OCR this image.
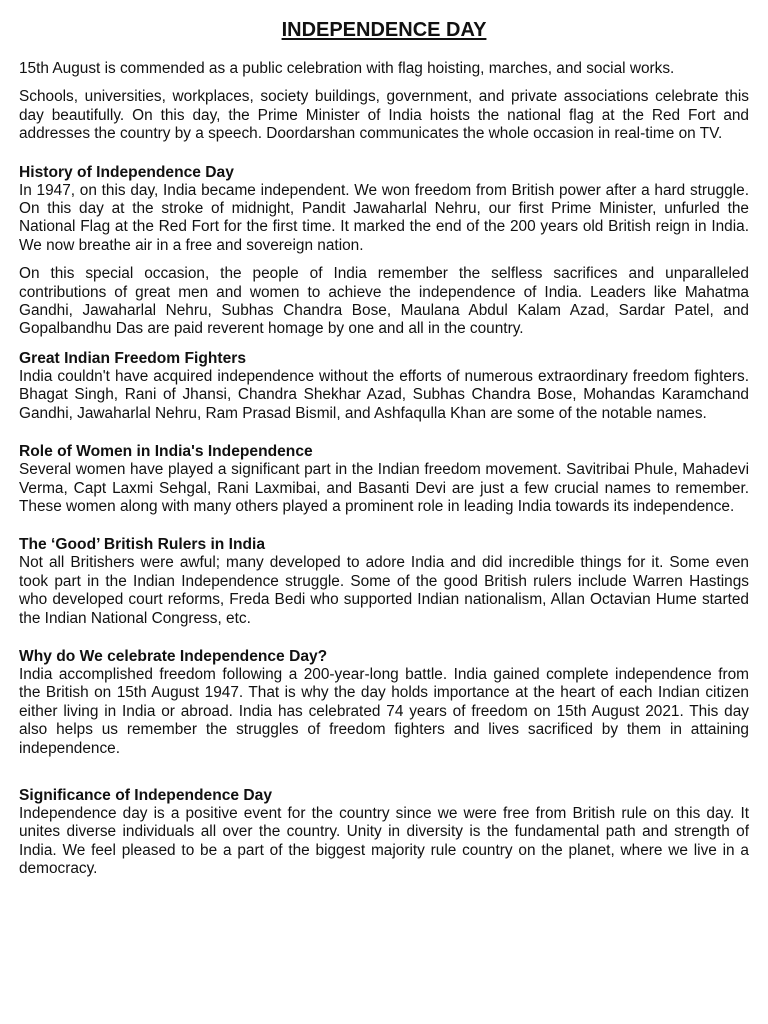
INDEPENDENCE DAY

15th August is commended as a public celebration with flag hoisting, marches, and social works.

Schools, universities, workplaces, society buildings, government, and private associations celebrate this day beautifully. On this day, the Prime Minister of India hoists the national flag at the Red Fort and addresses the country by a speech. Doordarshan communicates the whole occasion in real-time on TV.

History of Independence Day

In 1947, on this day, India became independent. We won freedom from British power after a hard struggle. On this day at the stroke of midnight, Pandit Jawaharlal Nehru, our first Prime Minister, unfurled the National Flag at the Red Fort for the first time. It marked the end of the 200 years old British reign in India. We now breathe air in a free and sovereign nation.

On this special occasion, the people of India remember the selfless sacrifices and unparalleled contributions of great men and women to achieve the independence of India. Leaders like Mahatma Gandhi, Jawaharlal Nehru, Subhas Chandra Bose, Maulana Abdul Kalam Azad, Sardar Patel, and Gopalbandhu Das are paid reverent homage by one and all in the country.

Great Indian Freedom Fighters

India couldn't have acquired independence without the efforts of numerous extraordinary freedom fighters. Bhagat Singh, Rani of Jhansi, Chandra Shekhar Azad, Subhas Chandra Bose, Mohandas Karamchand Gandhi, Jawaharlal Nehru, Ram Prasad Bismil, and Ashfaqulla Khan are some of the notable names.

Role of Women in India's Independence

Several women have played a significant part in the Indian freedom movement. Savitribai Phule, Mahadevi Verma, Capt Laxmi Sehgal, Rani Laxmibai, and Basanti Devi are just a few crucial names to remember. These women along with many others played a prominent role in leading India towards its independence.

The ‘Good’ British Rulers in India

Not all Britishers were awful; many developed to adore India and did incredible things for it. Some even took part in the Indian Independence struggle. Some of the good British rulers include Warren Hastings who developed court reforms, Freda Bedi who supported Indian nationalism, Allan Octavian Hume started the Indian National Congress, etc.

Why do We celebrate Independence Day?

India accomplished freedom following a 200-year-long battle. India gained complete independence from the British on 15th August 1947. That is why the day holds importance at the heart of each Indian citizen either living in India or abroad. India has celebrated 74 years of freedom on 15th August 2021. This day also helps us remember the struggles of freedom fighters and lives sacrificed by them in attaining independence.

Significance of Independence Day

Independence day is a positive event for the country since we were free from British rule on this day. It unites diverse individuals all over the country. Unity in diversity is the fundamental path and strength of India. We feel pleased to be a part of the biggest majority rule country on the planet, where we live in a democracy.
